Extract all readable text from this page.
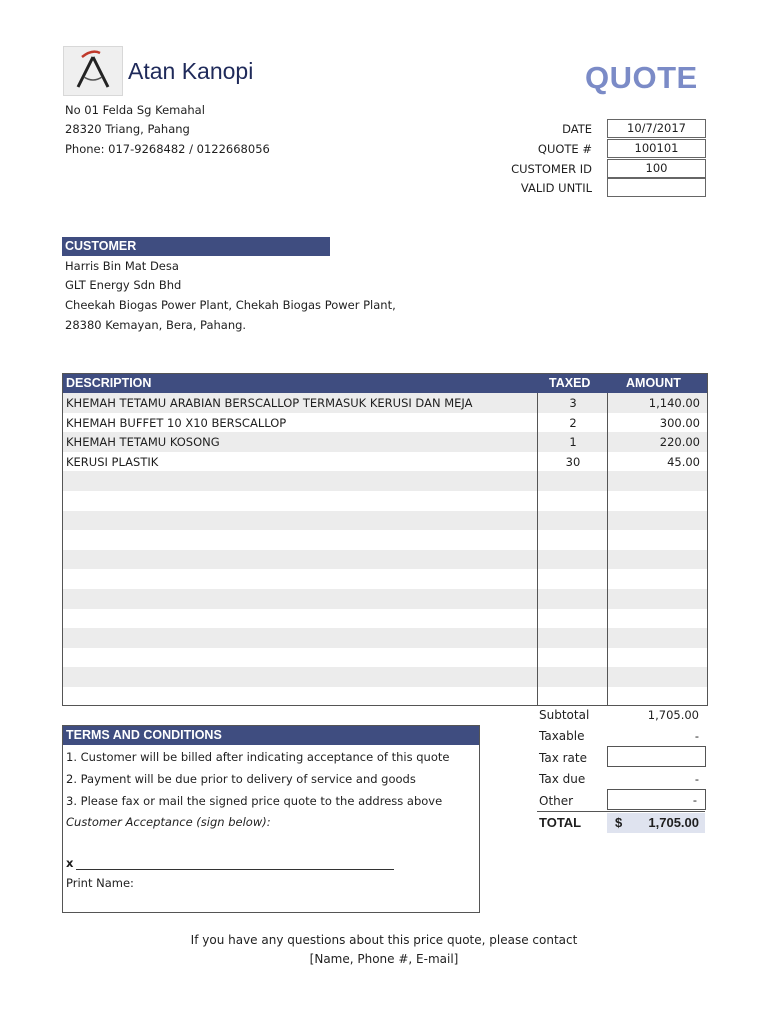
Atan Kanopi	QUOTE
No 01 Felda Sg Kemahal
28320 Triang, Pahang
Phone: 017-9268482 / 0122668056
DATE	10/7/2017
QUOTE #	100101
CUSTOMER ID	100
VALID UNTIL
CUSTOMER
Harris Bin Mat Desa
GLT Energy Sdn Bhd
Cheekah Biogas Power Plant, Chekah Biogas Power Plant,
28380 Kemayan, Bera, Pahang.
DESCRIPTION	TAXED	AMOUNT
KHEMAH TETAMU ARABIAN BERSCALLOP TERMASUK KERUSI DAN MEJA	3	1,140.00
KHEMAH BUFFET 10 X10 BERSCALLOP	2	300.00
KHEMAH TETAMU KOSONG	1	220.00
KERUSI PLASTIK	30	45.00
Subtotal	1,705.00
Taxable	-
Tax rate
Tax due	-
Other	-
TOTAL	$ 1,705.00
TERMS AND CONDITIONS
1. Customer will be billed after indicating acceptance of this quote
2. Payment will be due prior to delivery of service and goods
3. Please fax or mail the signed price quote to the address above
Customer Acceptance (sign below):
x
Print Name:
If you have any questions about this price quote, please contact
[Name, Phone #, E-mail]
